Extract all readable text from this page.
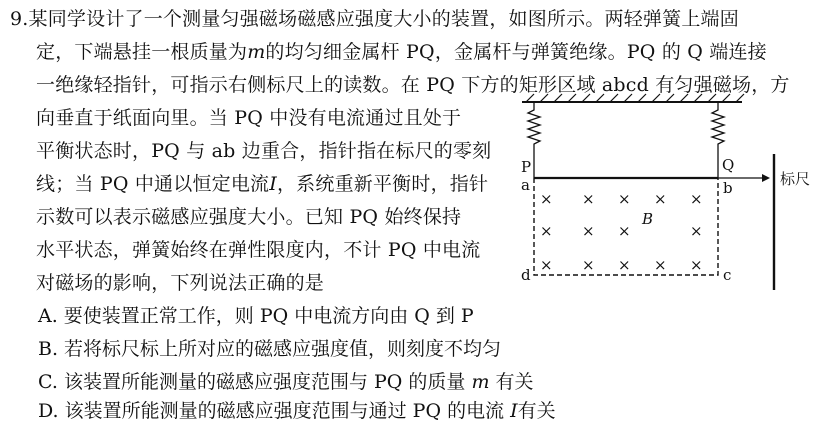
9.某同学设计了一个测量匀强磁场磁感应强度大小的装置，如图所示。两轻弹簧上端固
定，下端悬挂一根质量为m的均匀细金属杆 PQ，金属杆与弹簧绝缘。PQ 的 Q 端连接
一绝缘轻指针，可指示右侧标尺上的读数。在 PQ 下方的矩形区域 abcd 有匀强磁场，方
向垂直于纸面向里。当 PQ 中没有电流通过且处于
平衡状态时，PQ 与 ab 边重合，指针指在标尺的零刻
线；当 PQ 中通以恒定电流I，系统重新平衡时，指针
示数可以表示磁感应强度大小。已知 PQ 始终保持
水平状态，弹簧始终在弹性限度内，不计 PQ 中电流
对磁场的影响，下列说法正确的是
A. 要使装置正常工作，则 PQ 中电流方向由 Q 到 P
B. 若将标尺标上所对应的磁感应强度值，则刻度不均匀
C. 该装置所能测量的磁感应强度范围与 PQ 的质量 m 有关
D. 该装置所能测量的磁感应强度范围与通过 PQ 的电流 I有关
× × × × ×
× × ×	×
× × × × ×
P	Q
a	b
d	c
B
标尺
